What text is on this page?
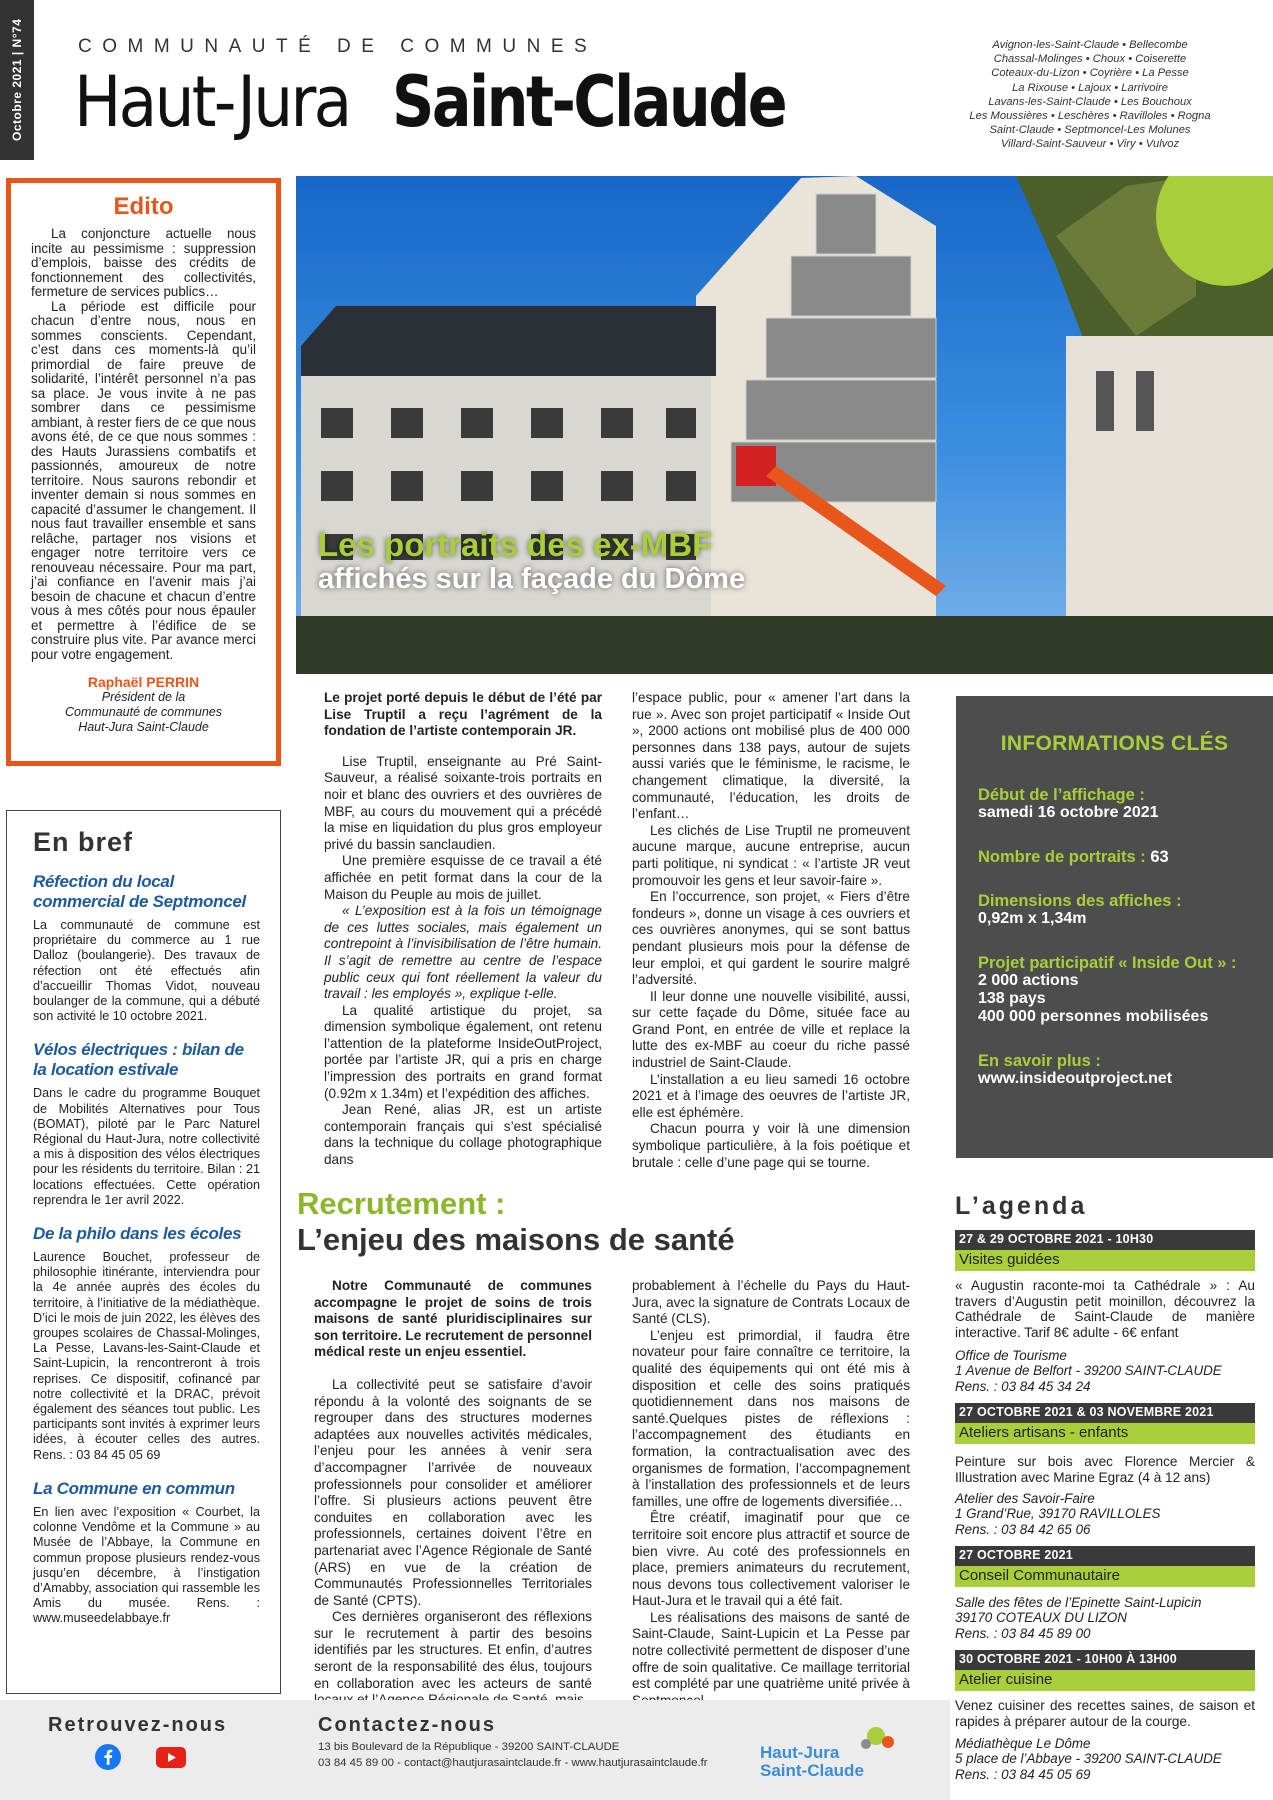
Octobre 2021 | N°74	COMMUNAUTÉ DE COMMUNES
Haut-Jura Saint-Claude
Avignon-les-Saint-Claude • Bellecombe
Chassal-Molinges • Choux • Coiserette
Coteaux-du-Lizon • Coyrière • La Pesse
La Rixouse • Lajoux • Larrivoire
Lavans-les-Saint-Claude • Les Bouchoux
Les Moussières • Leschères • Ravilloles • Rogna
Saint-Claude • Septmoncel-Les Molunes
Villard-Saint-Sauveur • Viry • Vulvoz
Edito

La conjoncture actuelle nous incite au pessimisme : suppression d’emplois, baisse des crédits de fonctionnement des collectivités, fermeture de services publics…

La période est difficile pour chacun d’entre nous, nous en sommes conscients. Cependant, c’est dans ces moments-là qu’il primordial de faire preuve de solidarité, l’intérêt personnel n’a pas sa place. Je vous invite à ne pas sombrer dans ce pessimisme ambiant, à rester fiers de ce que nous avons été, de ce que nous sommes : des Hauts Jurassiens combatifs et passionnés, amoureux de notre territoire. Nous saurons rebondir et inventer demain si nous sommes en capacité d’assumer le changement. Il nous faut travailler ensemble et sans relâche, partager nos visions et engager notre territoire vers ce renouveau nécessaire. Pour ma part, j’ai confiance en l’avenir mais j’ai besoin de chacune et chacun d’entre vous à mes côtés pour nous épauler et permettre à l’édifice de se construire plus vite. Par avance merci pour votre engagement.

Raphaël PERRIN
Président de la
Communauté de communes
Haut-Jura Saint-Claude
En bref
Réfection du local commercial de Septmoncel

La communauté de commune est propriétaire du commerce au 1 rue Dalloz (boulangerie). Des travaux de réfection ont été effectués afin d’accueillir Thomas Vidot, nouveau boulanger de la commune, qui a débuté son activité le 10 octobre 2021.

Vélos électriques : bilan de la location estivale

Dans le cadre du programme Bouquet de Mobilités Alternatives pour Tous (BOMAT), piloté par le Parc Naturel Régional du Haut-Jura, notre collectivité a mis à disposition des vélos électriques pour les résidents du territoire. Bilan : 21 locations effectuées. Cette opération reprendra le 1er avril 2022.

De la philo dans les écoles

Laurence Bouchet, professeur de philosophie itinérante, interviendra pour la 4e année auprès des écoles du territoire, à l’initiative de la médiathèque. D’ici le mois de juin 2022, les élèves des groupes scolaires de Chassal-Molinges, La Pesse, Lavans-les-Saint-Claude et Saint-Lupicin, la rencontreront à trois reprises. Ce dispositif, cofinancé par notre collectivité et la DRAC, prévoit également des séances tout public. Les participants sont invités à exprimer leurs idées, à écouter celles des autres. Rens. : 03 84 45 05 69

La Commune en commun

En lien avec l’exposition « Courbet, la colonne Vendôme et la Commune » au Musée de l’Abbaye, la Commune en commun propose plusieurs rendez-vous jusqu’en décembre, à l’instigation d’Amabby, association qui rassemble les Amis du musée. Rens. : www.museedelabbaye.fr

Les portraits des ex-MBF
affichés sur la façade du Dôme

Le projet porté depuis le début de l’été par Lise Truptil a reçu l’agrément de la fondation de l’artiste contemporain JR.

Lise Truptil, enseignante au Pré Saint-Sauveur, a réalisé soixante-trois portraits en noir et blanc des ouvriers et des ouvrières de MBF, au cours du mouvement qui a précédé la mise en liquidation du plus gros employeur privé du bassin sanclaudien.

Une première esquisse de ce travail a été affichée en petit format dans la cour de la Maison du Peuple au mois de juillet.

« L’exposition est à la fois un témoignage de ces luttes sociales, mais également un contrepoint à l’invisibilisation de l’être humain. Il s’agit de remettre au centre de l’espace public ceux qui font réellement la valeur du travail : les employés », explique t-elle.

La qualité artistique du projet, sa dimension symbolique également, ont retenu l’attention de la plateforme InsideOutProject, portée par l’artiste JR, qui a pris en charge l’impression des portraits en grand format (0.92m x 1.34m) et l’expédition des affiches.

Jean René, alias JR, est un artiste contemporain français qui s’est spécialisé dans la technique du collage photographique dans

l’espace public, pour « amener l’art dans la rue ». Avec son projet participatif « Inside Out », 2000 actions ont mobilisé plus de 400 000 personnes dans 138 pays, autour de sujets aussi variés que le féminisme, le racisme, le changement climatique, la diversité, la communauté, l’éducation, les droits de l’enfant…

Les clichés de Lise Truptil ne promeuvent aucune marque, aucune entreprise, aucun parti politique, ni syndicat : « l’artiste JR veut promouvoir les gens et leur savoir-faire ».

En l’occurrence, son projet, « Fiers d’être fondeurs », donne un visage à ces ouvriers et ces ouvrières anonymes, qui se sont battus pendant plusieurs mois pour la défense de leur emploi, et qui gardent le sourire malgré l’adversité.

Il leur donne une nouvelle visibilité, aussi, sur cette façade du Dôme, située face au Grand Pont, en entrée de ville et replace la lutte des ex-MBF au coeur du riche passé industriel de Saint-Claude.

L’installation a eu lieu samedi 16 octobre 2021 et à l’image des oeuvres de l’artiste JR, elle est éphémère.

Chacun pourra y voir là une dimension symbolique particulière, à la fois poétique et brutale : celle d’une page qui se tourne.

INFORMATIONS CLÉS
Début de l’affichage :
samedi 16 octobre 2021
Nombre de portraits : 63
Dimensions des affiches :
0,92m x 1,34m
Projet participatif « Inside Out » :
2 000 actions
138 pays
400 000 personnes mobilisées
En savoir plus :
www.insideoutproject.net
Recrutement :
L’enjeu des maisons de santé

Notre Communauté de communes accompagne le projet de soins de trois maisons de santé pluridisciplinaires sur son territoire. Le recrutement de personnel médical reste un enjeu essentiel.

La collectivité peut se satisfaire d’avoir répondu à la volonté des soignants de se regrouper dans des structures modernes adaptées aux nouvelles activités médicales, l’enjeu pour les années à venir sera d’accompagner l’arrivée de nouveaux professionnels pour consolider et améliorer l’offre. Si plusieurs actions peuvent être conduites en collaboration avec les professionnels, certaines doivent l’être en partenariat avec l’Agence Régionale de Santé (ARS) en vue de la création de Communautés Professionnelles Territoriales de Santé (CPTS).

Ces dernières organiseront des réflexions sur le recrutement à partir des besoins identifiés par les structures. Et enfin, d’autres seront de la responsabilité des élus, toujours en collaboration avec les acteurs de santé

probablement à l’échelle du Pays du Haut-Jura, avec la signature de Contrats Locaux de Santé (CLS).

L’enjeu est primordial, il faudra être novateur pour faire connaître ce territoire, la qualité des équipements qui ont été mis à disposition et celle des soins pratiqués quotidiennement dans nos maisons de santé.Quelques pistes de réflexions : l’accompagnement des étudiants en formation, la contractualisation avec des organismes de formation, l’accompagnement à l’installation des professionnels et de leurs familles, une offre de logements diversifiée…

Être créatif, imaginatif pour que ce territoire soit encore plus attractif et source de bien vivre. Au coté des professionnels en place, premiers animateurs du recrutement, nous devons tous collectivement valoriser le Haut-Jura et le travail qui a été fait.

Les réalisations des maisons de santé de Saint-Claude, Saint-Lupicin et La Pesse par notre collectivité permettent de disposer d’une offre de soin qualitative. Ce maillage territorial est complété par une quatrième unité privée à

L’agenda
27 & 29 OCTOBRE 2021 - 10H30
Visites guidées
« Augustin raconte-moi ta Cathédrale » : Au travers d’Augustin petit moinillon, découvrez la Cathédrale de Saint-Claude de manière interactive. Tarif 8€ adulte - 6€ enfant
Office de Tourisme
1 Avenue de Belfort - 39200 SAINT-CLAUDE
Rens. : 03 84 45 34 24
27 OCTOBRE 2021 & 03 NOVEMBRE 2021
Ateliers artisans - enfants
Peinture sur bois avec Florence Mercier & Illustration avec Marine Egraz (4 à 12 ans)
Atelier des Savoir-Faire
1 Grand’Rue, 39170 RAVILLOLES
Rens. : 03 84 42 65 06
27 OCTOBRE 2021
Conseil Communautaire
Salle des fêtes de l’Epinette Saint-Lupicin
39170 COTEAUX DU LIZON
Rens. : 03 84 45 89 00
30 OCTOBRE 2021 - 10H00 À 13H00
Atelier cuisine
Venez cuisiner des recettes saines, de saison et rapides à préparer autour de la courge.
Médiathèque Le Dôme
5 place de l’Abbaye - 39200 SAINT-CLAUDE
Rens. : 03 84 45 05 69
Retrouvez-nous	Contactez-nous
13 bis Boulevard de la République - 39200 SAINT-CLAUDE
03 84 45 89 00 - contact@hautjurasaintclaude.fr - www.hautjurasaintclaude.fr
Haut-Jura
Saint-Claude
